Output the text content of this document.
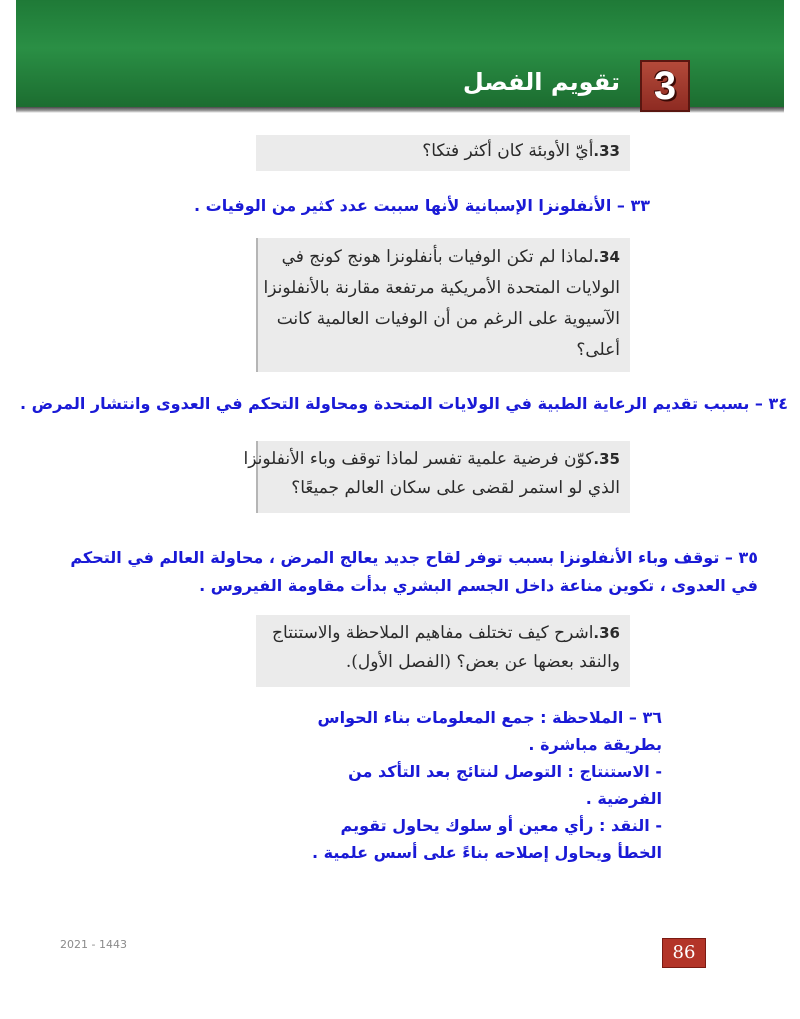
3
تقويم الفصل
33.أيّ الأوبئة كان أكثر فتكا؟
٣٣ – الأنفلونزا الإسبانية لأنها سببت عدد كثير من الوفيات .
34.لماذا لم تكن الوفيات بأنفلونزا هونج كونج في
الولايات المتحدة الأمريكية مرتفعة مقارنة بالأنفلونزا
الآسيوية على الرغم من أن الوفيات العالمية كانت
أعلى؟
٣٤ – بسبب تقديم الرعاية الطبية في الولايات المتحدة ومحاولة التحكم في العدوى وانتشار المرض .
35.كوّن فرضية علمية تفسر لماذا توقف وباء الأنفلونزا
الذي لو استمر لقضى على سكان العالم جميعًا؟
٣٥ – توقف وباء الأنفلونزا بسبب توفر لقاح جديد يعالج المرض ، محاولة العالم في التحكم
في العدوى ، تكوين مناعة داخل الجسم البشري بدأت مقاومة الفيروس .
36.اشرح كيف تختلف مفاهيم الملاحظة والاستنتاج
والنقد بعضها عن بعض؟ (الفصل الأول).
٣٦ – الملاحظة : جمع المعلومات بناء الحواس
بطريقة مباشرة .
- الاستنتاج : التوصل لنتائج بعد التأكد من
الفرضية .
- النقد : رأي معين أو سلوك يحاول تقويم
الخطأ ويحاول إصلاحه بناءً على أسس علمية .
2021 - 1443	86
